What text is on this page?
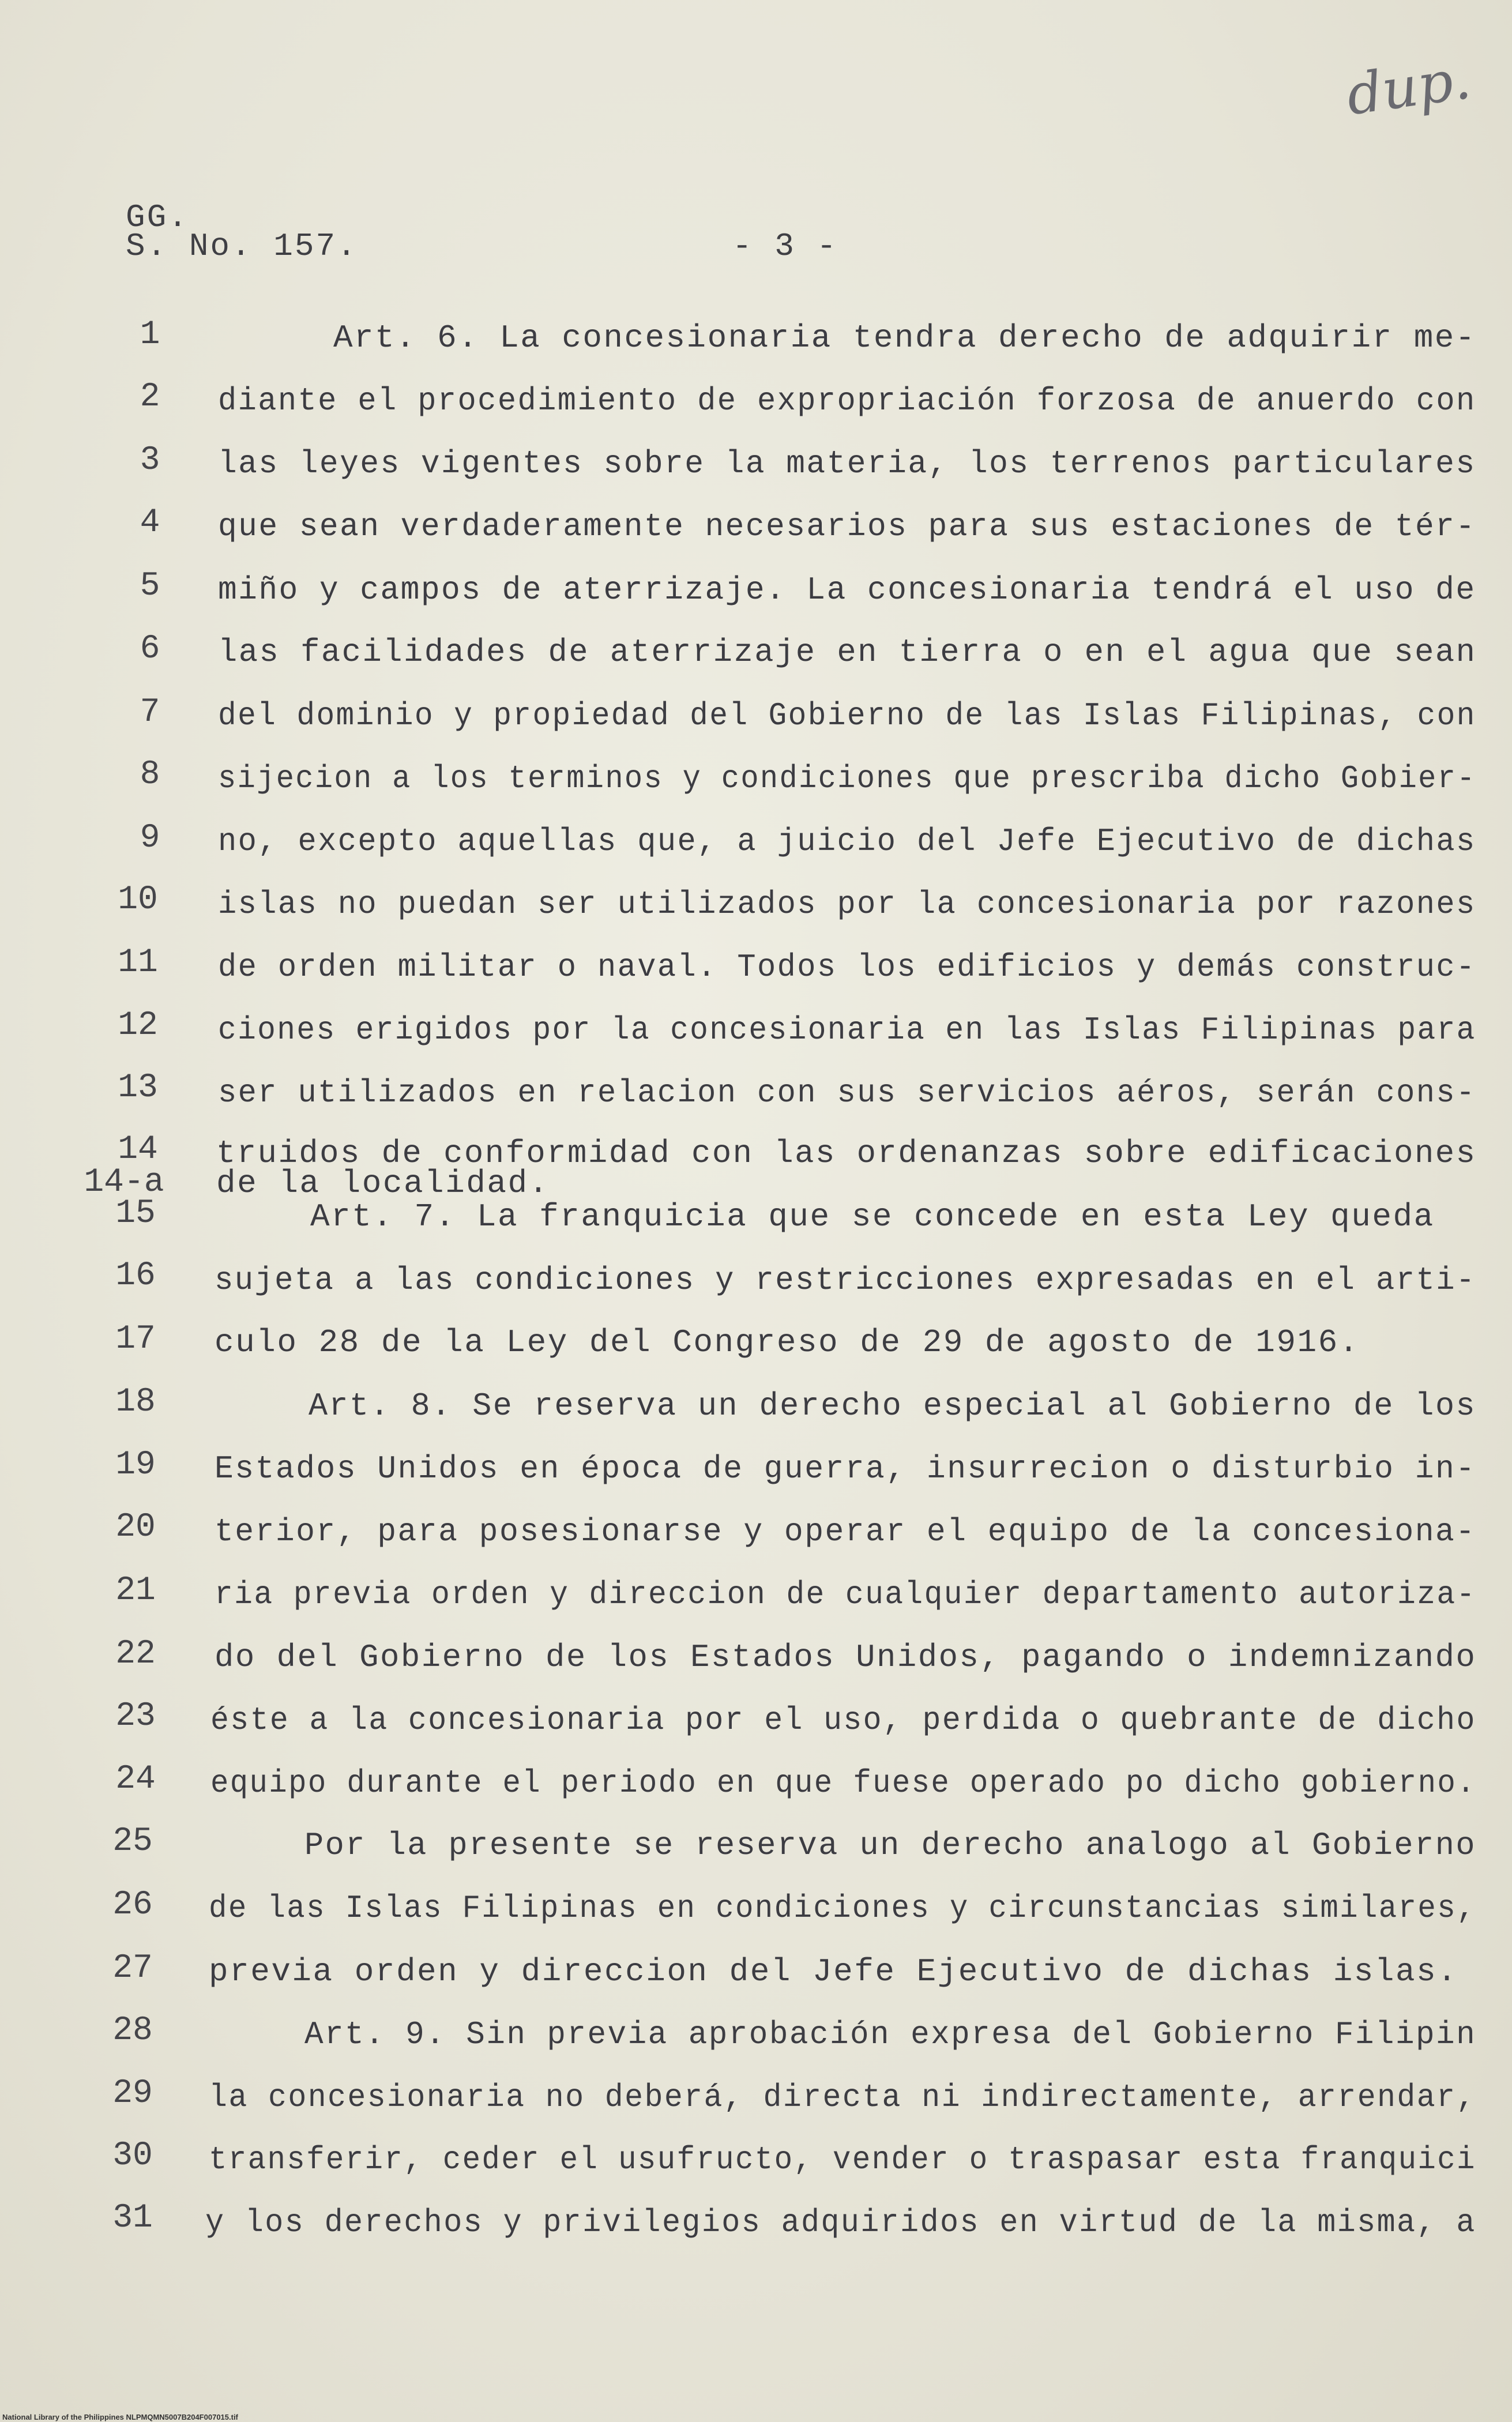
dup.
GG.
S. No. 157.	- 3 -
1
2
3
4
5
6
7
8
9
10
11
12
13
14
14-a
15
16
17
18
19
20
21
22
23
24
25
26
27
28
29
30
31
Art. 6. La concesionaria tendra derecho de adquirir me-
diante el procedimiento de expropriación forzosa de anuerdo con
las leyes vigentes sobre la materia, los terrenos particulares
que sean verdaderamente necesarios para sus estaciones de tér-
miño y campos de aterrizaje. La concesionaria tendrá el uso de
las facilidades de aterrizaje en tierra o en el agua que sean
del dominio y propiedad del Gobierno de las Islas Filipinas, con
sijecion a los terminos y condiciones que prescriba dicho Gobier-
no, excepto aquellas que, a juicio del Jefe Ejecutivo de dichas
islas no puedan ser utilizados por la concesionaria por razones
de orden militar o naval. Todos los edificios y demás construc-
ciones erigidos por la concesionaria en las Islas Filipinas para
ser utilizados en relacion con sus servicios aéros, serán cons-
truidos de conformidad con las ordenanzas sobre edificaciones
de la localidad.
Art. 7. La franquicia que se concede en esta Ley queda
sujeta a las condiciones y restricciones expresadas en el arti-
culo 28 de la Ley del Congreso de 29 de agosto de 1916.
Art. 8. Se reserva un derecho especial al Gobierno de los
Estados Unidos en época de guerra, insurrecion o disturbio in-
terior, para posesionarse y operar el equipo de la concesiona-
ria previa orden y direccion de cualquier departamento autoriza-
do del Gobierno de los Estados Unidos, pagando o indemnizando
éste a la concesionaria por el uso, perdida o quebrante de dicho
equipo durante el periodo en que fuese operado po dicho gobierno.
Por la presente se reserva un derecho analogo al Gobierno
de las Islas Filipinas en condiciones y circunstancias similares,
previa orden y direccion del Jefe Ejecutivo de dichas islas.
Art. 9. Sin previa aprobación expresa del Gobierno Filipin
la concesionaria no deberá, directa ni indirectamente, arrendar,
transferir, ceder el usufructo, vender o traspasar esta franquici
y los derechos y privilegios adquiridos en virtud de la misma, a
National Library of the Philippines NLPMQMN5007B204F007015.tif
